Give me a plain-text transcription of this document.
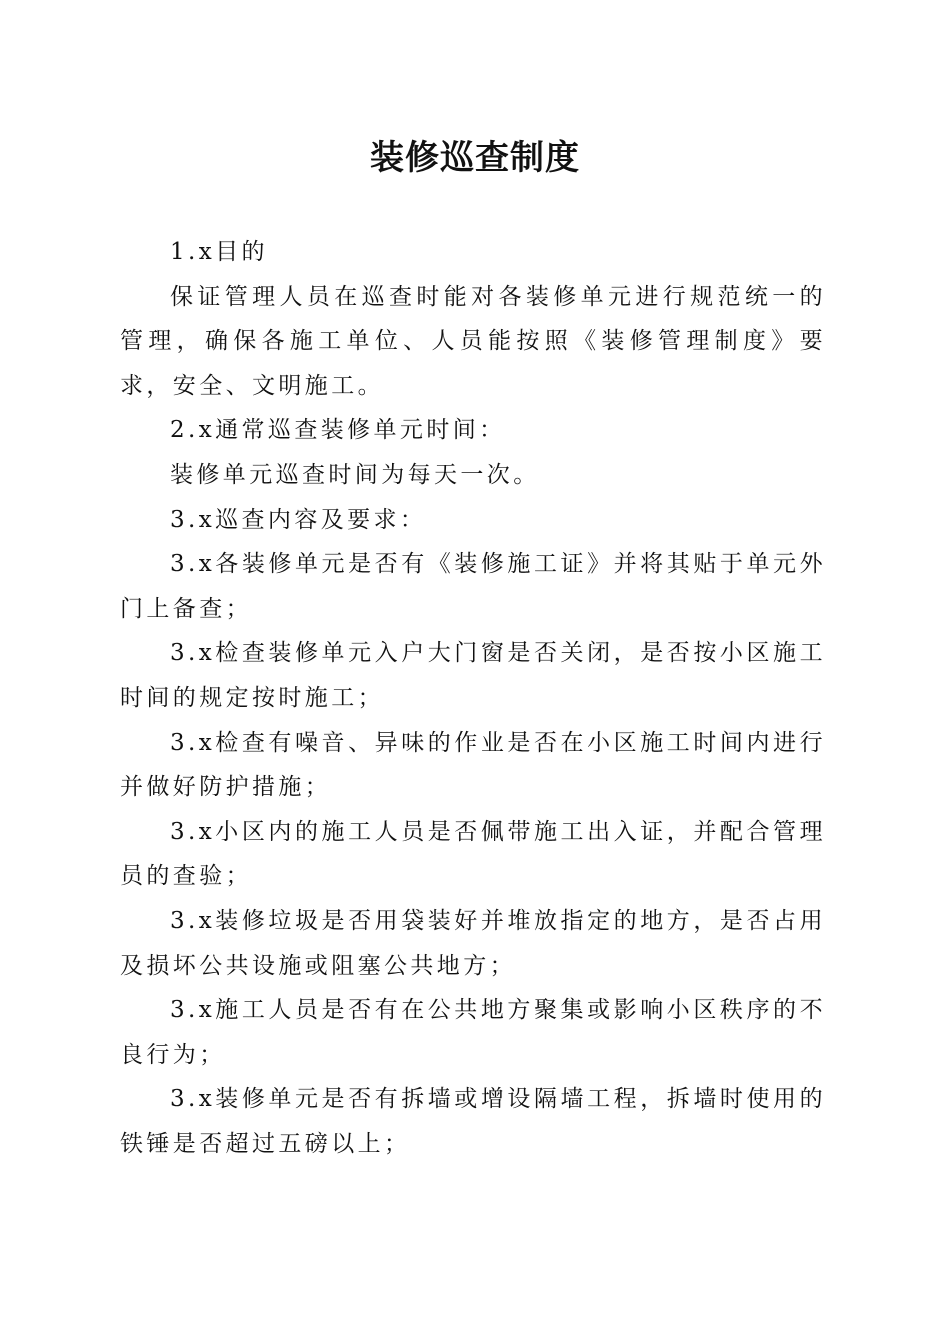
装修巡查制度

1.x目的

保证管理人员在巡查时能对各装修单元进行规范统一的管理，确保各施工单位、人员能按照《装修管理制度》要求，安全、文明施工。

2.x通常巡查装修单元时间：

装修单元巡查时间为每天一次。

3.x巡查内容及要求：

3.x各装修单元是否有《装修施工证》并将其贴于单元外门上备查；

3.x检查装修单元入户大门窗是否关闭，是否按小区施工时间的规定按时施工；

3.x检查有噪音、异味的作业是否在小区施工时间内进行并做好防护措施；

3.x小区内的施工人员是否佩带施工出入证，并配合管理员的查验；

3.x装修垃圾是否用袋装好并堆放指定的地方，是否占用及损坏公共设施或阻塞公共地方；

3.x施工人员是否有在公共地方聚集或影响小区秩序的不良行为；

3.x装修单元是否有拆墙或增设隔墙工程，拆墙时使用的铁锤是否超过五磅以上；
